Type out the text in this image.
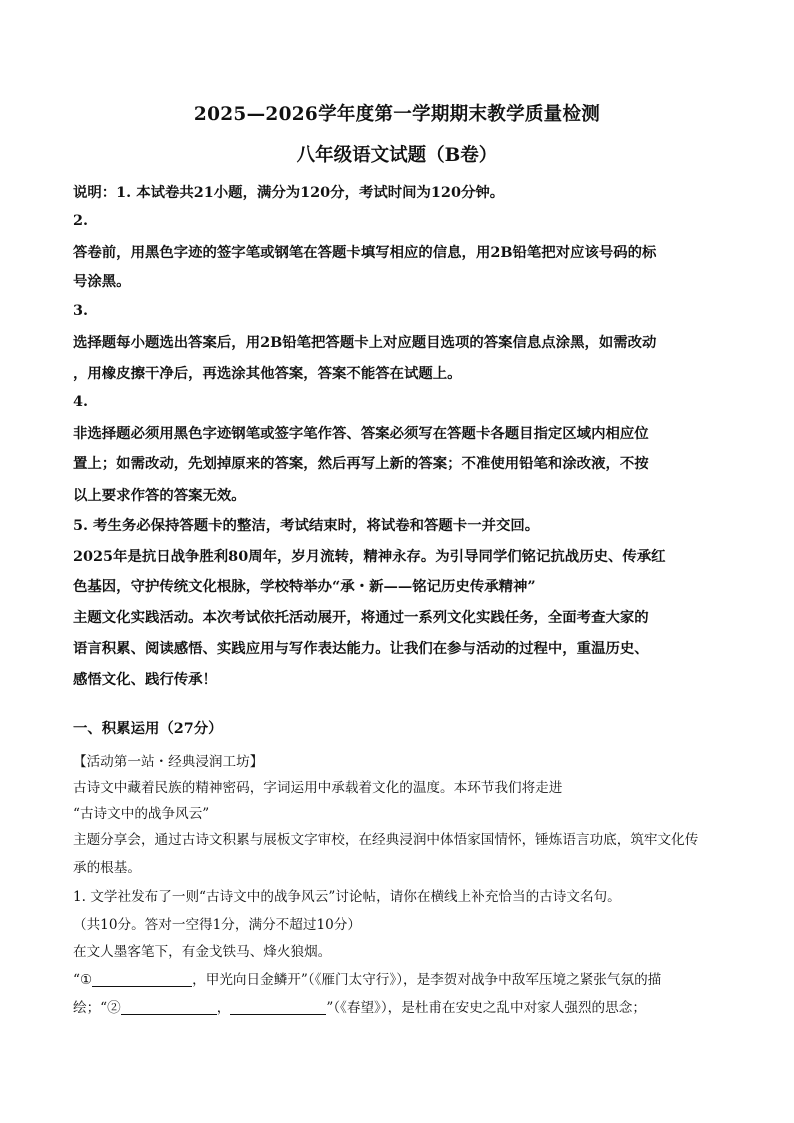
2025—2026学年度第一学期期末教学质量检测
八年级语文试题（B卷）
说明：1. 本试卷共21小题，满分为120分，考试时间为120分钟。
2.
答卷前，用黑色字迹的签字笔或钢笔在答题卡填写相应的信息，用2B铅笔把对应该号码的标
号涂黑。
3.
选择题每小题选出答案后，用2B铅笔把答题卡上对应题目选项的答案信息点涂黑，如需改动
，用橡皮擦干净后，再选涂其他答案，答案不能答在试题上。
4.
非选择题必须用黑色字迹钢笔或签字笔作答、答案必须写在答题卡各题目指定区域内相应位
置上；如需改动，先划掉原来的答案，然后再写上新的答案；不准使用铅笔和涂改液，不按
以上要求作答的答案无效。
5. 考生务必保持答题卡的整洁，考试结束时，将试卷和答题卡一并交回。
2025年是抗日战争胜利80周年，岁月流转，精神永存。为引导同学们铭记抗战历史、传承红
色基因，守护传统文化根脉，学校特举办“承・新——铭记历史传承精神”
主题文化实践活动。本次考试依托活动展开，将通过一系列文化实践任务，全面考查大家的
语言积累、阅读感悟、实践应用与写作表达能力。让我们在参与活动的过程中，重温历史、
感悟文化、践行传承！
一、积累运用（27分）
【活动第一站・经典浸润工坊】
古诗文中藏着民族的精神密码，字词运用中承载着文化的温度。本环节我们将走进
“古诗文中的战争风云”
主题分享会，通过古诗文积累与展板文字审校，在经典浸润中体悟家国情怀，锤炼语言功底，筑牢文化传
承的根基。
1. 文学社发布了一则“古诗文中的战争风云”讨论帖，请你在横线上补充恰当的古诗文名句。
（共10分。答对一空得1分，满分不超过10分）
在文人墨客笔下，有金戈铁马、烽火狼烟。
“①	，甲光向日金鳞开”（《雁门太守行》），是李贺对战争中敌军压境之紧张气氛的描
绘；“②	，	”（《春望》），是杜甫在安史之乱中对家人强烈的思念；
